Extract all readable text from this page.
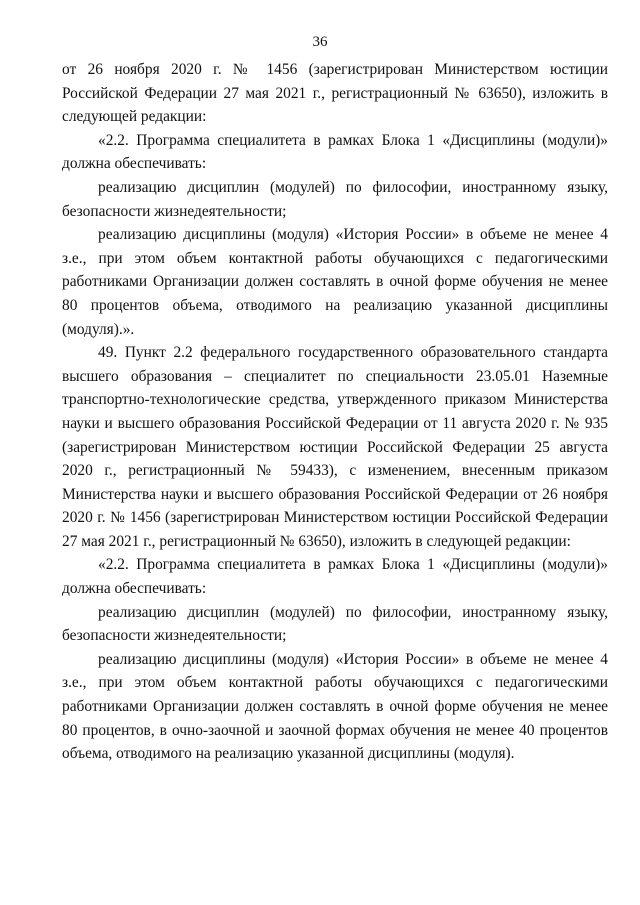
36

от 26 ноября 2020 г. № 1456 (зарегистрирован Министерством юстиции Российской Федерации 27 мая 2021 г., регистрационный № 63650), изложить в следующей редакции:

«2.2. Программа специалитета в рамках Блока 1 «Дисциплины (модули)» должна обеспечивать:

реализацию дисциплин (модулей) по философии, иностранному языку, безопасности жизнедеятельности;

реализацию дисциплины (модуля) «История России» в объеме не менее 4 з.е., при этом объем контактной работы обучающихся с педагогическими работниками Организации должен составлять в очной форме обучения не менее 80 процентов объема, отводимого на реализацию указанной дисциплины (модуля).».

49. Пункт 2.2 федерального государственного образовательного стандарта высшего образования – специалитет по специальности 23.05.01 Наземные транспортно-технологические средства, утвержденного приказом Министерства науки и высшего образования Российской Федерации от 11 августа 2020 г. № 935 (зарегистрирован Министерством юстиции Российской Федерации 25 августа 2020 г., регистрационный № 59433), с изменением, внесенным приказом Министерства науки и высшего образования Российской Федерации от 26 ноября 2020 г. № 1456 (зарегистрирован Министерством юстиции Российской Федерации 27 мая 2021 г., регистрационный № 63650), изложить в следующей редакции:

«2.2. Программа специалитета в рамках Блока 1 «Дисциплины (модули)» должна обеспечивать:

реализацию дисциплин (модулей) по философии, иностранному языку, безопасности жизнедеятельности;

реализацию дисциплины (модуля) «История России» в объеме не менее 4 з.е., при этом объем контактной работы обучающихся с педагогическими работниками Организации должен составлять в очной форме обучения не менее 80 процентов, в очно-заочной и заочной формах обучения не менее 40 процентов объема, отводимого на реализацию указанной дисциплины (модуля).
